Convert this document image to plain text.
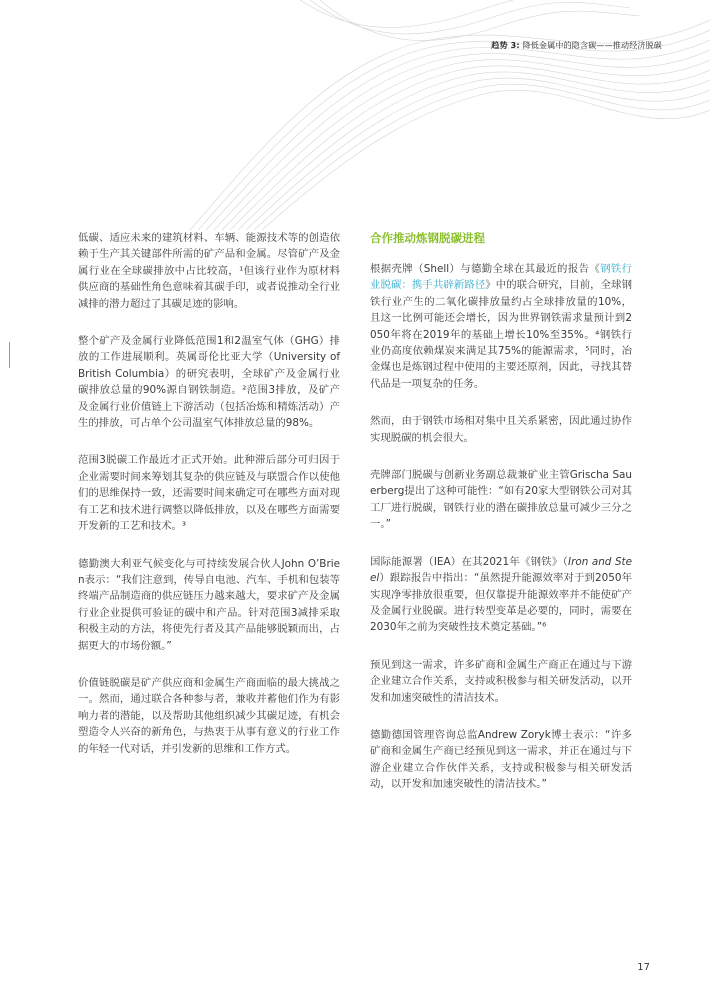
趋势 3: 降低金属中的隐含碳——推动经济脱碳

低碳、适应未来的建筑材料、车辆、能源技术等的创造依赖于生产其关键部件所需的矿产品和金属。尽管矿产及金属行业在全球碳排放中占比较高，¹但该行业作为原材料供应商的基础性角色意味着其碳手印，或者说推动全行业减排的潜力超过了其碳足迹的影响。

整个矿产及金属行业降低范围1和2温室气体（GHG）排放的工作进展顺利。英属哥伦比亚大学（University of British Columbia）的研究表明，全球矿产及金属行业碳排放总量的90%源自钢铁制造。²范围3排放，及矿产及金属行业价值链上下游活动（包括冶炼和精炼活动）产生的排放，可占单个公司温室气体排放总量的98%。

范围3脱碳工作最近才正式开始。此种滞后部分可归因于企业需要时间来筹划其复杂的供应链及与联盟合作以使他们的思维保持一致，还需要时间来确定可在哪些方面对现有工艺和技术进行调整以降低排放，以及在哪些方面需要开发新的工艺和技术。³

德勤澳大利亚气候变化与可持续发展合伙人John O’Brien表示：“我们注意到，传导自电池、汽车、手机和包装等终端产品制造商的供应链压力越来越大，要求矿产及金属行业企业提供可验证的碳中和产品。针对范围3减排采取积极主动的方法，将使先行者及其产品能够脱颖而出，占据更大的市场份额。”

价值链脱碳是矿产供应商和金属生产商面临的最大挑战之一。然而，通过联合各种参与者，兼收并蓄他们作为有影响力者的潜能，以及帮助其他组织减少其碳足迹，有机会塑造令人兴奋的新角色，与热衷于从事有意义的行业工作的年轻一代对话，并引发新的思维和工作方式。

合作推动炼钢脱碳进程

根据壳牌（Shell）与德勤全球在其最近的报告《钢铁行业脱碳：携手共辟新路径》中的联合研究，目前，全球钢铁行业产生的二氧化碳排放量约占全球排放量的10%，且这一比例可能还会增长，因为世界钢铁需求量预计到2050年将在2019年的基础上增长10%至35%。⁴钢铁行业仍高度依赖煤炭来满足其75%的能源需求，⁵同时，冶金煤也是炼钢过程中使用的主要还原剂，因此，寻找其替代品是一项复杂的任务。

然而，由于钢铁市场相对集中且关系紧密，因此通过协作实现脱碳的机会很大。

壳牌部门脱碳与创新业务副总裁兼矿业主管Grischa Sauerberg提出了这种可能性：“如有20家大型钢铁公司对其工厂进行脱碳，钢铁行业的潜在碳排放总量可减少三分之一。”

国际能源署（IEA）在其2021年《钢铁》（Iron and Steel）跟踪报告中指出：“虽然提升能源效率对于到2050年实现净零排放很重要，但仅靠提升能源效率并不能使矿产及金属行业脱碳。进行转型变革是必要的，同时，需要在2030年之前为突破性技术奠定基础。”⁶

预见到这一需求，许多矿商和金属生产商正在通过与下游企业建立合作关系，支持或积极参与相关研发活动，以开发和加速突破性的清洁技术。

德勤德国管理咨询总监Andrew Zoryk博士表示：“许多矿商和金属生产商已经预见到这一需求，并正在通过与下游企业建立合作伙伴关系，支持或积极参与相关研发活动，以开发和加速突破性的清洁技术。”

17
